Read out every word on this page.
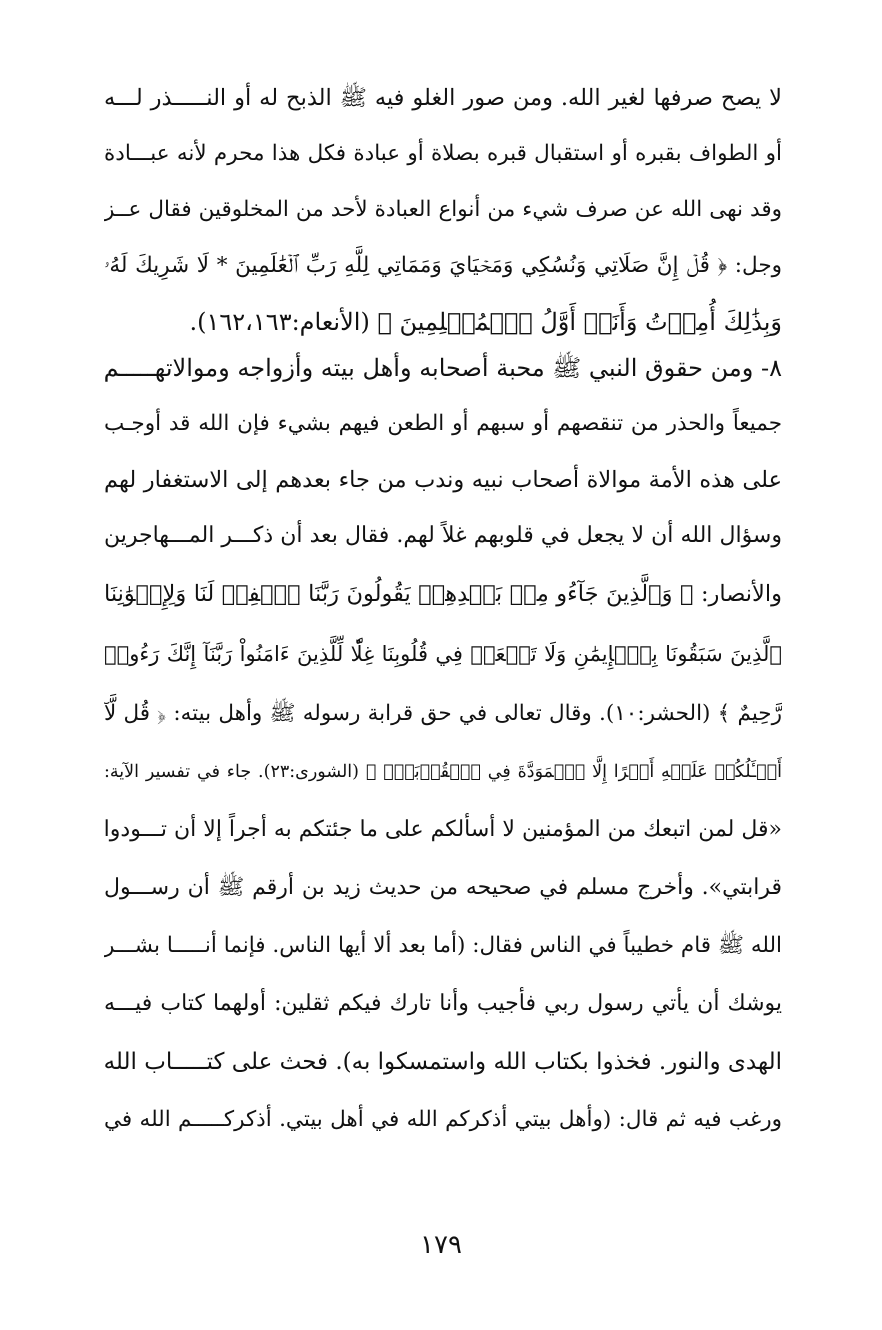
لا يصح صرفها لغير الله. ومن صور الغلو فيه ﷺ الذبح له أو النـــــذر لـــه
أو الطواف بقبره أو استقبال قبره بصلاة أو عبادة فكل هذا محرم لأنه عبـــادة
وقد نهى الله عن صرف شيء من أنواع العبادة لأحد من المخلوقين فقال عــز
وجل: ﴿ قُلۡ إِنَّ صَلَاتِي وَنُسُكِي وَمَحۡيَايَ وَمَمَاتِي لِلَّهِ رَبِّ ٱلۡعَٰلَمِينَ * لَا شَرِيكَ لَهُۥ
وَبِذَٰلِكَ أُمِرۡتُ وَأَنَا۠ أَوَّلُ ٱلۡمُسۡلِمِينَ ﴾ (الأنعام:١٦٢،١٦٣).
٨- ومن حقوق النبي ﷺ محبة أصحابه وأهل بيته وأزواجه وموالاتهـــــم
جميعاً والحذر من تنقصهم أو سبهم أو الطعن فيهم بشيء فإن الله قد أوجـب
على هذه الأمة موالاة أصحاب نبيه وندب من جاء بعدهم إلى الاستغفار لهم
وسؤال الله أن لا يجعل في قلوبهم غلاً لهم. فقال بعد أن ذكـــر المـــهاجرين
والأنصار: ﴿ وَٱلَّذِينَ جَآءُو مِنۢ بَعۡدِهِمۡ يَقُولُونَ رَبَّنَا ٱغۡفِرۡ لَنَا وَلِإِخۡوَٰنِنَا
ٱلَّذِينَ سَبَقُونَا بِٱلۡإِيمَٰنِ وَلَا تَجۡعَلۡ فِي قُلُوبِنَا غِلّٗا لِّلَّذِينَ ءَامَنُواْ رَبَّنَآ إِنَّكَ رَءُوفٞ
رَّحِيمٌ ﴾ (الحشر:١٠). وقال تعالى في حق قرابة رسوله ﷺ وأهل بيته: ﴿ قُل لَّآ
أَسۡـَٔلُكُمۡ عَلَيۡهِ أَجۡرًا إِلَّا ٱلۡمَوَدَّةَ فِي ٱلۡقُرۡبَىٰۗ ﴾ (الشورى:٢٣). جاء في تفسير الآية:
«قل لمن اتبعك من المؤمنين لا أسألكم على ما جئتكم به أجراً إلا أن تـــودوا
قرابتي». وأخرج مسلم في صحيحه من حديث زيد بن أرقم ﷺ أن رســـول
الله ﷺ قام خطيباً في الناس فقال: (أما بعد ألا أيها الناس. فإنما أنـــــا بشـــر
يوشك أن يأتي رسول ربي فأجيب وأنا تارك فيكم ثقلين: أولهما كتاب فيـــه
الهدى والنور. فخذوا بكتاب الله واستمسكوا به). فحث على كتـــــاب الله
ورغب فيه ثم قال: (وأهل بيتي أذكركم الله في أهل بيتي. أذكركـــــم الله في
١٧٩
